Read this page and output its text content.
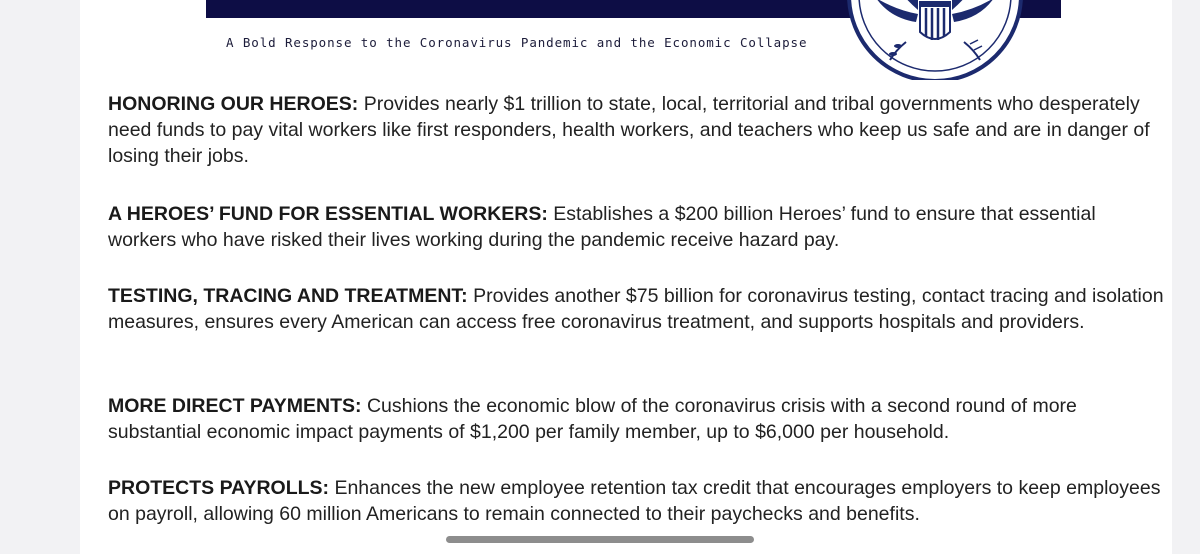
A Bold Response to the Coronavirus Pandemic and the Economic Collapse
HONORING OUR HEROES: Provides nearly $1 trillion to state, local, territorial and tribal governments who desperately need funds to pay vital workers like first responders, health workers, and teachers who keep us safe and are in danger of losing their jobs.
A HEROES’ FUND FOR ESSENTIAL WORKERS: Establishes a $200 billion Heroes’ fund to ensure that essential workers who have risked their lives working during the pandemic receive hazard pay.
TESTING, TRACING AND TREATMENT: Provides another $75 billion for coronavirus testing, contact tracing and isolation measures, ensures every American can access free coronavirus treatment, and supports hospitals and providers.
MORE DIRECT PAYMENTS: Cushions the economic blow of the coronavirus crisis with a second round of more substantial economic impact payments of $1,200 per family member, up to $6,000 per household.
PROTECTS PAYROLLS: Enhances the new employee retention tax credit that encourages employers to keep employees on payroll, allowing 60 million Americans to remain connected to their paychecks and benefits.
